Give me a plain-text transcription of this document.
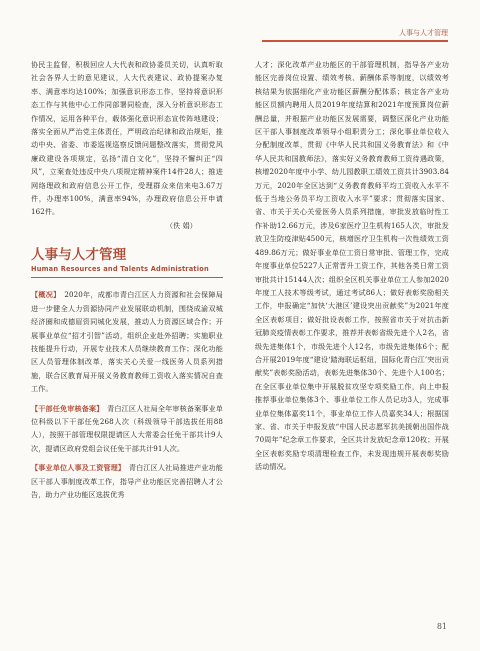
人事与人才管理

协民主监督，积极回应人大代表和政协委员关切，认真听取社会各界人士的意见建议，人大代表建议、政协提案办复率、满意率均达100%；加强意识形态工作，坚持将意识形态工作与其他中心工作同部署同检查，深入分析意识形态工作情况，运用各种平台，载体强化意识形态宣传阵地建设；落实全面从严治党主体责任，严明政治纪律和政治规矩，推动中央、省委、市委巡视巡察反馈问题整改落实，贯彻党风廉政建设各项规定，弘扬“清白文化”，坚持不懈纠正“四风”，立案查处违反中央八项规定精神案件14件28人；推进网络理政和政府信息公开工作，受理群众来信来电3.67万件，办理率100%，满意率94%，办理政府信息公开申请162件。

（佚 娟）

人事与人才管理
Human Resources and Talents Administration

【概况】　 2020年，成都市青白江区人力资源和社会保障局进一步健全人力资源协同产业发展联动机制，围绕成渝双城经济圈和成德眉资同城化发展，推动人力资源区域合作；开展事业单位“招才引智”活动，组织企业赴外招聘；实施职业技能提升行动，开展专业技术人员继续教育工作；深化功能区人员管理体制改革，落实关心关爱一线医务人员系列措施，联合区教育局开展义务教育教师工资收入落实情况自查工作。

【干部任免审核备案】　 青白江区人社局全年审核备案事业单位科级以下干部任免268人次（科级领导干部选拔任用88人），按照干部管理权限提请区人大常委会任免干部共计9人次，提请区政府党组会议任免干部共计91人次。

【事业单位人事及工资管理】　 青白江区人社局推进产业功能区干部人事制度改革工作，指导产业功能区完善招聘人才公告，助力产业功能区选拔优秀

人才；深化改革产业功能区的干部管理机制，指导各产业功能区完善岗位设置、绩效考核、薪酬体系等制度，以绩效考核结果为依据细化产业功能区薪酬分配体系；核定各产业功能区员额内聘用人员2019年度结算和2021年度预算岗位薪酬总量，并根据产业功能区发展需要，调整区深化产业功能区干部人事制度改革领导小组职责分工；深化事业单位收入分配制度改革，贯彻《中华人民共和国义务教育法》和《中华人民共和国教师法》，落实好义务教育教师工资待遇政策，核增2020年度中小学、幼儿园教职工绩效工资共计3903.84万元，2020年全区达到“义务教育教师平均工资收入水平不低于当地公务员平均工资收入水平”要求；贯彻落实国家、省、市关于关心关爱医务人员系列措施，审批发放临时性工作补助12.66万元，涉及6家医疗卫生机构165人次，审批发放卫生防疫津贴4500元，核增医疗卫生机构一次性绩效工资489.86万元；做好事业单位工资日常审批、管理工作，完成年度事业单位5227人正常晋升工资工作，其他各类日常工资审批共计15144人次；组织全区机关事业单位工人参加2020年度工人技术等级考试，通过考试86人；做好表彰奖励相关工作，申报确定“加快‘大港区’建设突出贡献奖”为2021年度全区表彰项目；做好批设表彰工作，按照省市关于对抗击新冠肺炎疫情表彰工作要求，推荐并表彰省级先进个人2名，省级先进集体1个，市级先进个人12名，市级先进集体6个；配合开展2019年度“建设‘踏海联运枢纽，国际化青白江’突出贡献奖”表彰奖励活动，表彰先进集体30个、先进个人100名；在全区事业单位集中开展脱贫攻坚专项奖励工作，向上申报推荐事业单位集体3个、事业单位工作人员记功3人，完成事业单位集体嘉奖11个，事业单位工作人员嘉奖34人；根据国家、省、市关于申报发放“中国人民志愿军抗美援朝出国作战70周年”纪念章工作要求，全区共计发放纪念章120枚；开展全区表彰奖励专项清理检查工作，未发现违规开展表彰奖励活动情况。

81
